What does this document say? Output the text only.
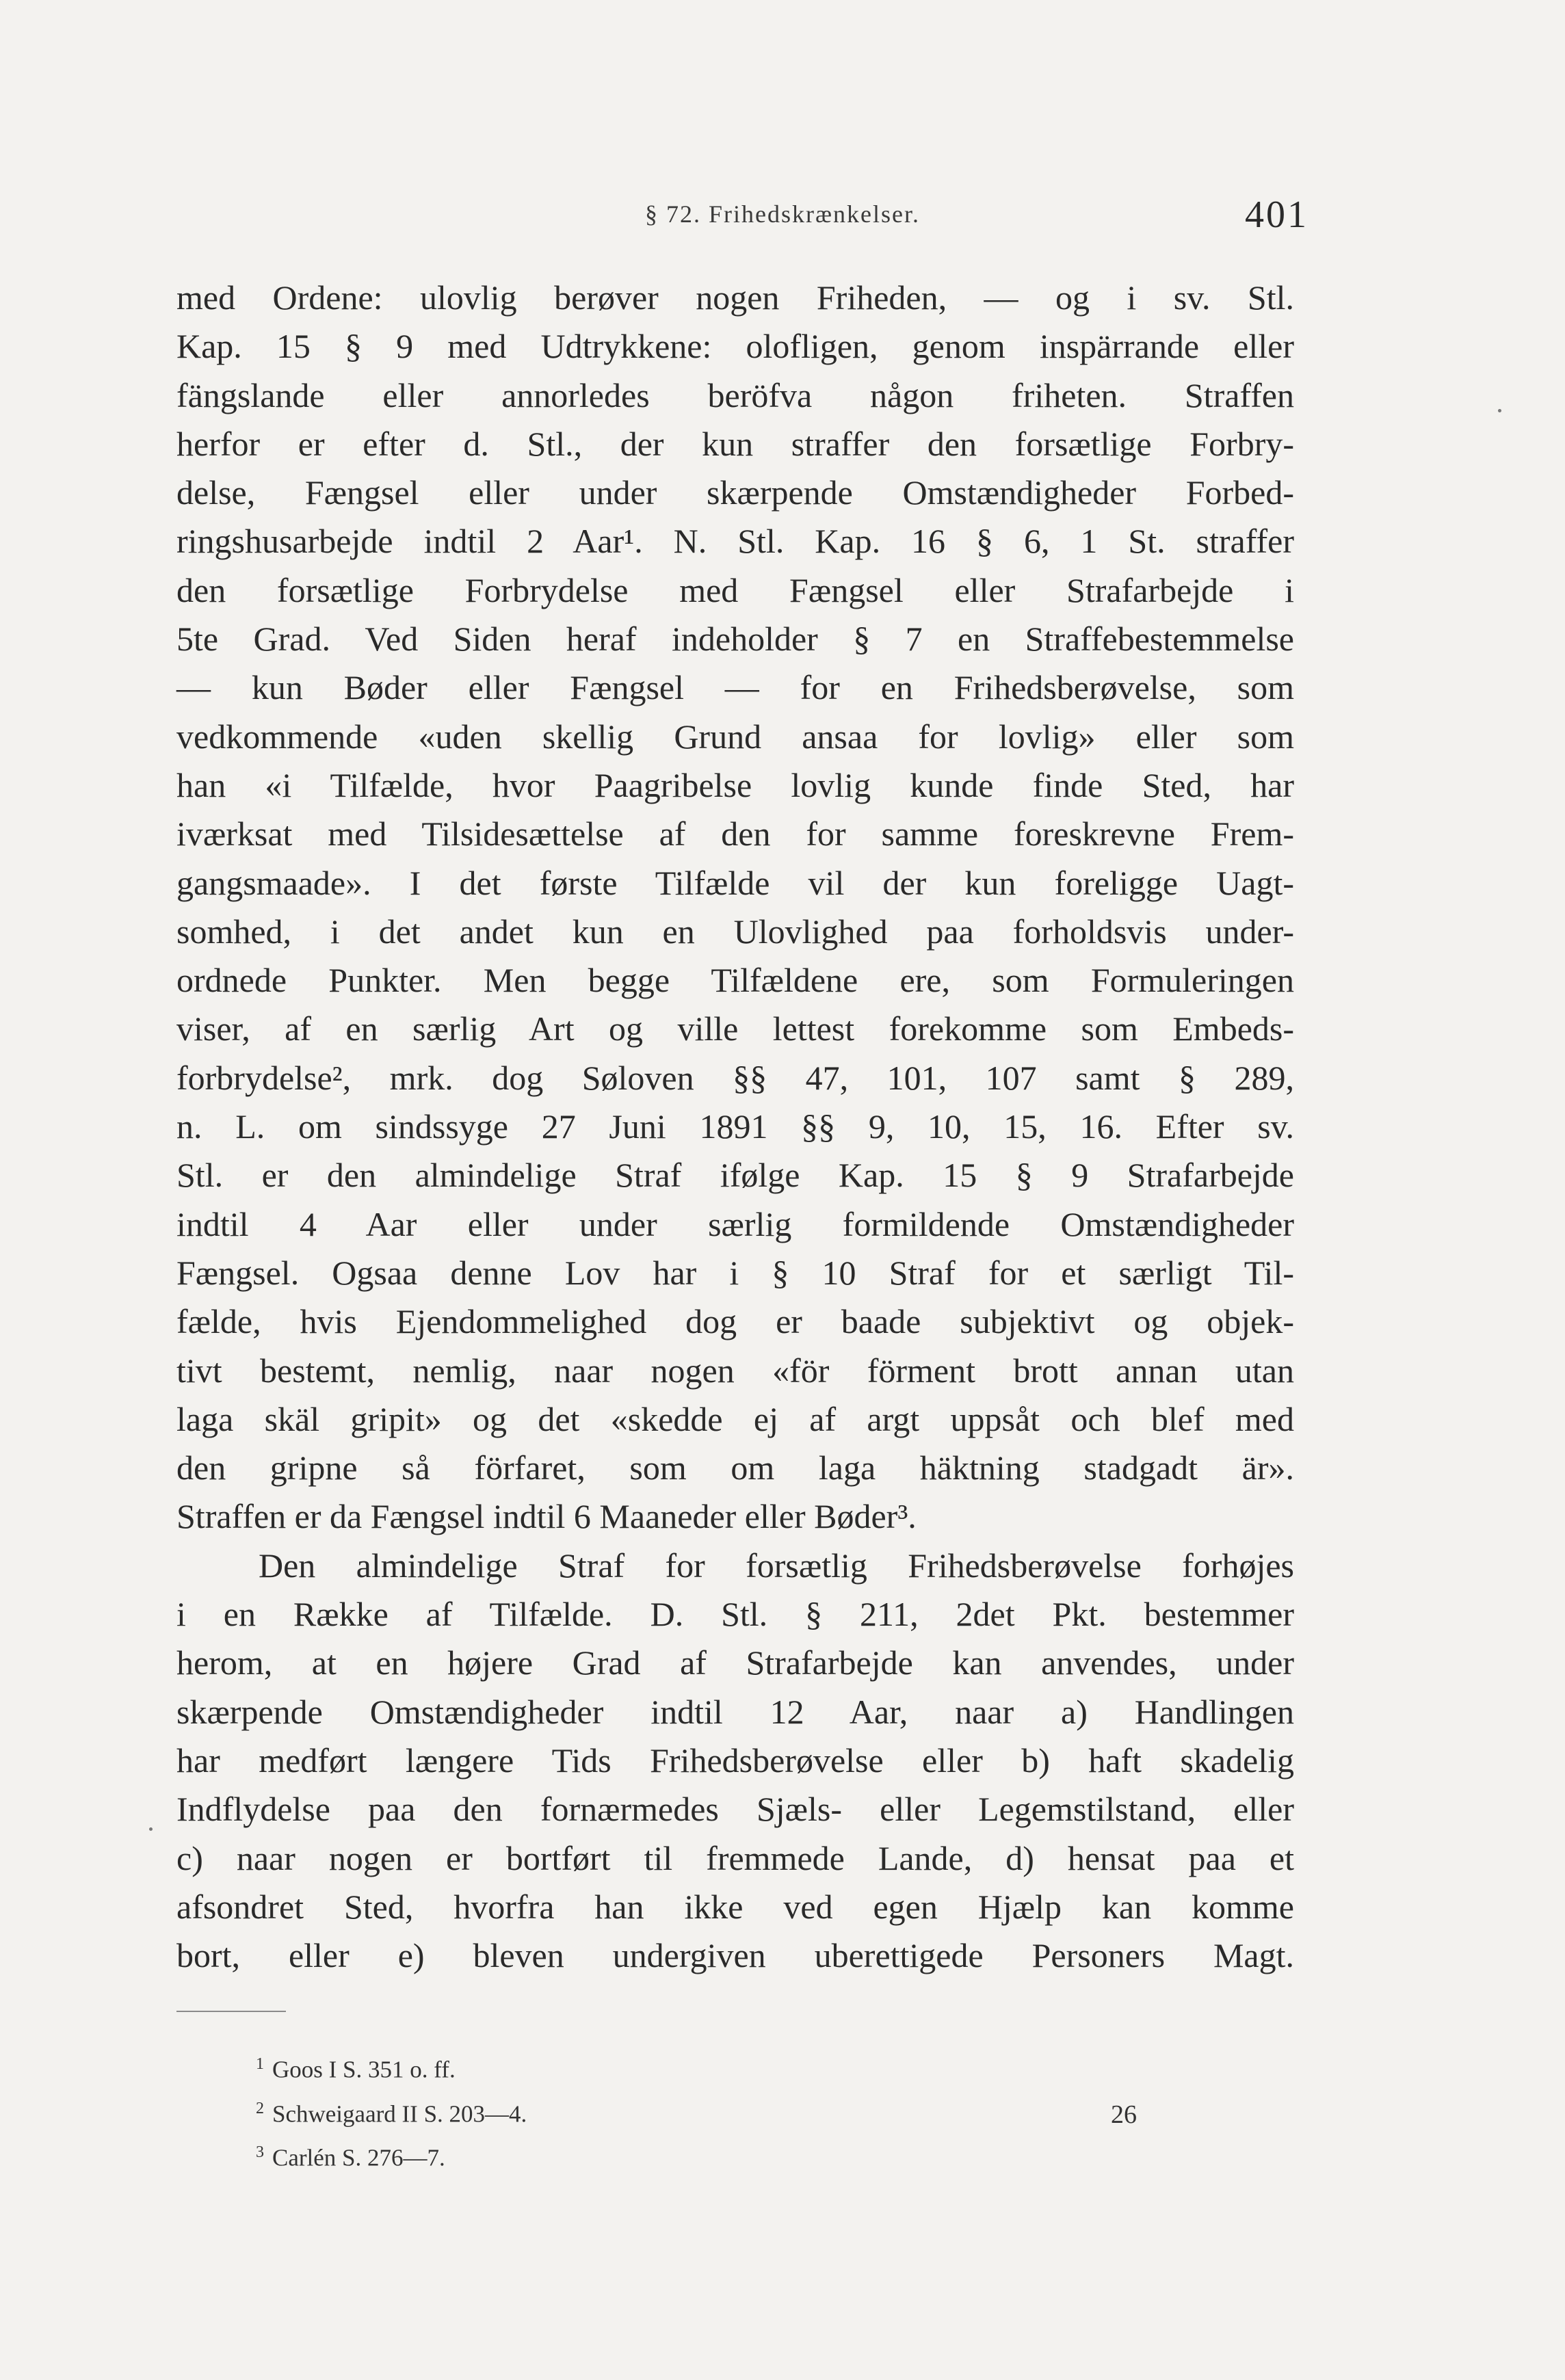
§ 72. Frihedskrænkelser.	401
med Ordene: ulovlig berøver nogen Friheden, — og i sv. Stl.
Kap. 15 § 9 med Udtrykkene: olofligen, genom inspärrande eller
fängslande eller annorledes beröfva någon friheten. Straffen
herfor er efter d. Stl., der kun straffer den forsætlige Forbry-
delse, Fængsel eller under skærpende Omstændigheder Forbed-
ringshusarbejde indtil 2 Aar¹. N. Stl. Kap. 16 § 6, 1 St. straffer
den forsætlige Forbrydelse med Fængsel eller Strafarbejde i
5te Grad. Ved Siden heraf indeholder § 7 en Straffebestemmelse
— kun Bøder eller Fængsel — for en Frihedsberøvelse, som
vedkommende «uden skellig Grund ansaa for lovlig» eller som
han «i Tilfælde, hvor Paagribelse lovlig kunde finde Sted, har
iværksat med Tilsidesættelse af den for samme foreskrevne Frem-
gangsmaade». I det første Tilfælde vil der kun foreligge Uagt-
somhed, i det andet kun en Ulovlighed paa forholdsvis under-
ordnede Punkter. Men begge Tilfældene ere, som Formuleringen
viser, af en særlig Art og ville lettest forekomme som Embeds-
forbrydelse², mrk. dog Søloven §§ 47, 101, 107 samt § 289,
n. L. om sindssyge 27 Juni 1891 §§ 9, 10, 15, 16. Efter sv.
Stl. er den almindelige Straf ifølge Kap. 15 § 9 Strafarbejde
indtil 4 Aar eller under særlig formildende Omstændigheder
Fængsel. Ogsaa denne Lov har i § 10 Straf for et særligt Til-
fælde, hvis Ejendommelighed dog er baade subjektivt og objek-
tivt bestemt, nemlig, naar nogen «för förment brott annan utan
laga skäl gripit» og det «skedde ej af argt uppsåt och blef med
den gripne så förfaret, som om laga häktning stadgadt är».
Straffen er da Fængsel indtil 6 Maaneder eller Bøder³.
Den almindelige Straf for forsætlig Frihedsberøvelse forhøjes
i en Række af Tilfælde. D. Stl. § 211, 2det Pkt. bestemmer
herom, at en højere Grad af Strafarbejde kan anvendes, under
skærpende Omstændigheder indtil 12 Aar, naar a) Handlingen
har medført længere Tids Frihedsberøvelse eller b) haft skadelig
Indflydelse paa den fornærmedes Sjæls- eller Legemstilstand, eller
c) naar nogen er bortført til fremmede Lande, d) hensat paa et
afsondret Sted, hvorfra han ikke ved egen Hjælp kan komme
bort, eller e) bleven undergiven uberettigede Personers Magt.
$^1$ Goos I S. 351 o. ff.
$^2$ Schweigaard II S. 203—4.
$^3$ Carlén S. 276—7.
26
